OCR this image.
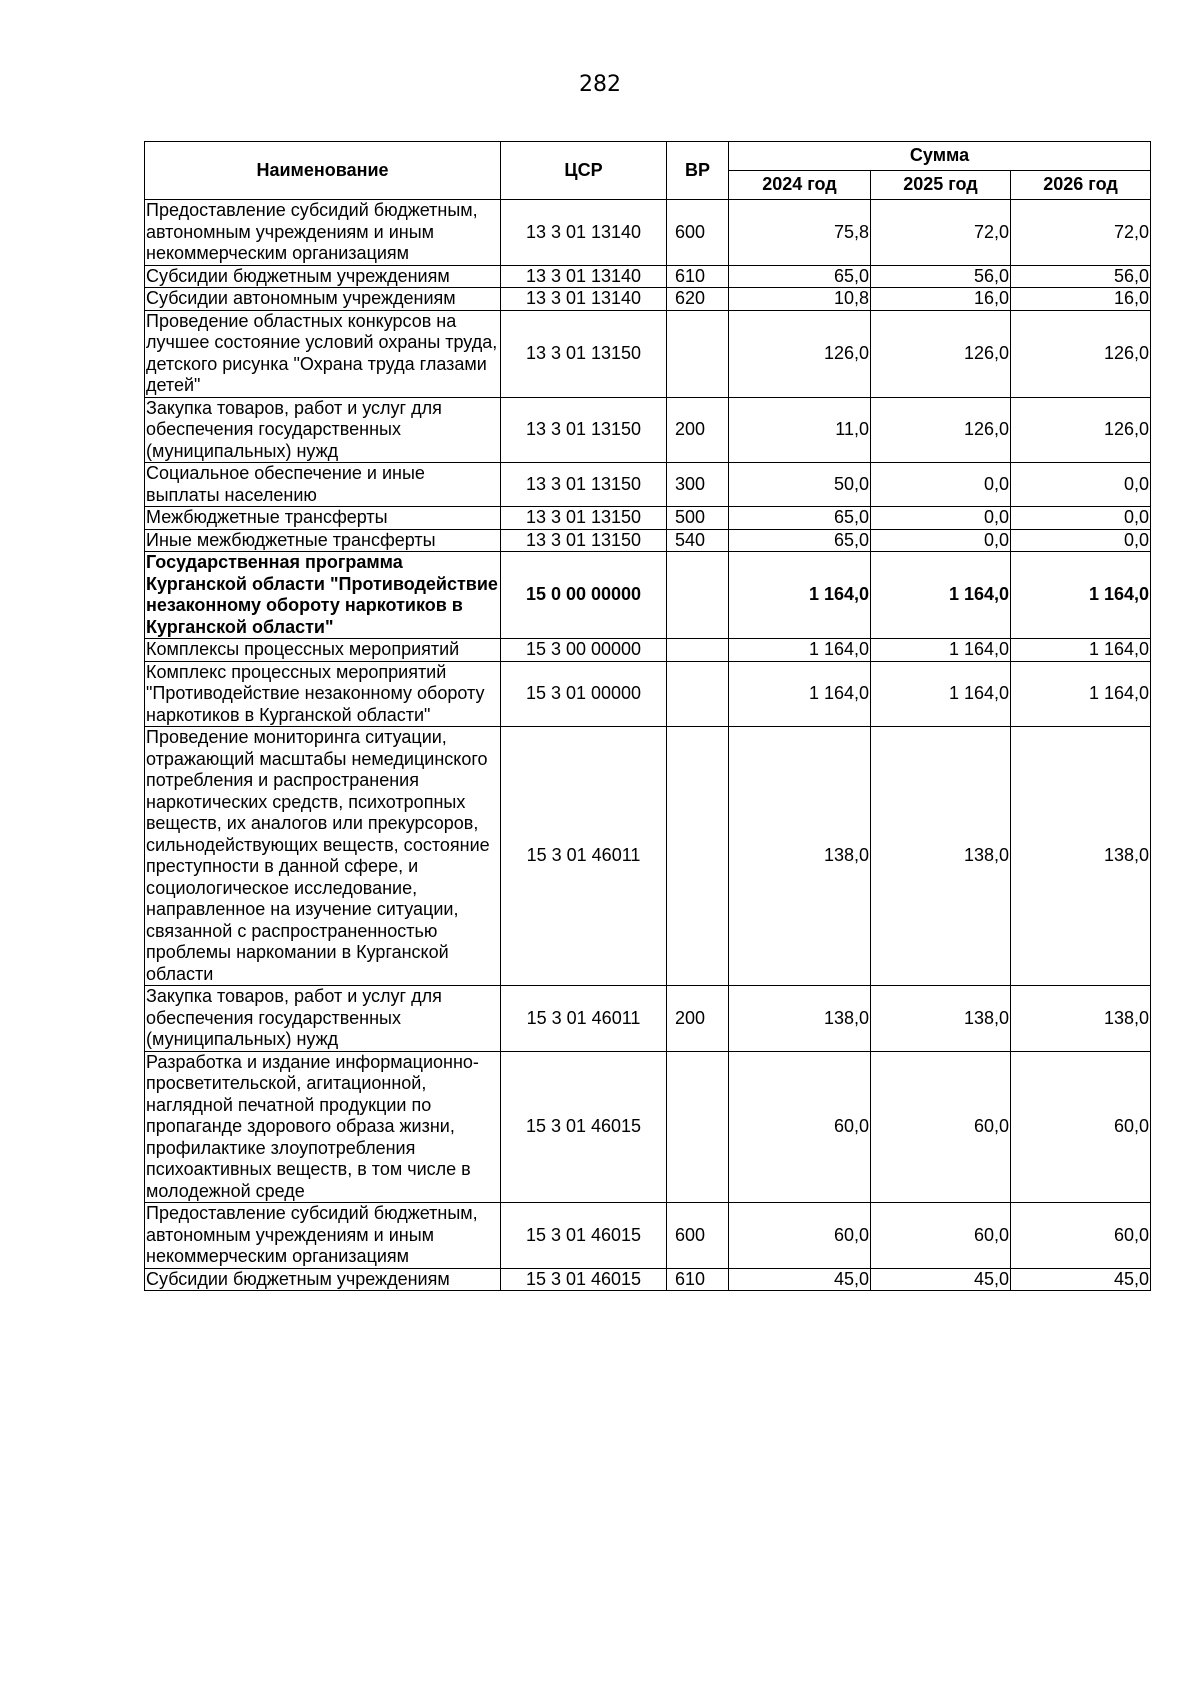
282
Наименование	ЦСР	ВР	Сумма		
			2024 год	2025 год	2026 год
Предоставление субсидий бюджетным, автономным учреждениям и иным некоммерческим организациям	13 3 01 13140	600	75,8	72,0	72,0
Субсидии бюджетным учреждениям	13 3 01 13140	610	65,0	56,0	56,0
Субсидии автономным учреждениям	13 3 01 13140	620	10,8	16,0	16,0
Проведение областных конкурсов на лучшее состояние условий охраны труда, детского рисунка "Охрана труда глазами детей"	13 3 01 13150		126,0	126,0	126,0
Закупка товаров, работ и услуг для обеспечения государственных (муниципальных) нужд	13 3 01 13150	200	11,0	126,0	126,0
Социальное обеспечение и иные выплаты населению	13 3 01 13150	300	50,0	0,0	0,0
Межбюджетные трансферты	13 3 01 13150	500	65,0	0,0	0,0
Иные межбюджетные трансферты	13 3 01 13150	540	65,0	0,0	0,0
Государственная программа Курганской области "Противодействие незаконному обороту наркотиков в Курганской области"	15 0 00 00000		1 164,0	1 164,0	1 164,0
Комплексы процессных мероприятий	15 3 00 00000		1 164,0	1 164,0	1 164,0
Комплекс процессных мероприятий "Противодействие незаконному обороту наркотиков в Курганской области"	15 3 01 00000		1 164,0	1 164,0	1 164,0
Проведение мониторинга ситуации, отражающий масштабы немедицинского потребления и распространения наркотических средств, психотропных веществ, их аналогов или прекурсоров, сильнодействующих веществ, состояние преступности в данной сфере, и социологическое исследование, направленное на изучение ситуации, связанной с распространенностью проблемы наркомании в Курганской области	15 3 01 46011		138,0	138,0	138,0
Закупка товаров, работ и услуг для обеспечения государственных (муниципальных) нужд	15 3 01 46011	200	138,0	138,0	138,0
Разработка и издание информационно-просветительской, агитационной, наглядной печатной продукции по пропаганде здорового образа жизни, профилактике злоупотребления психоактивных веществ, в том числе в молодежной среде	15 3 01 46015		60,0	60,0	60,0
Предоставление субсидий бюджетным, автономным учреждениям и иным некоммерческим организациям	15 3 01 46015	600	60,0	60,0	60,0
Субсидии бюджетным учреждениям	15 3 01 46015	610	45,0	45,0	45,0
